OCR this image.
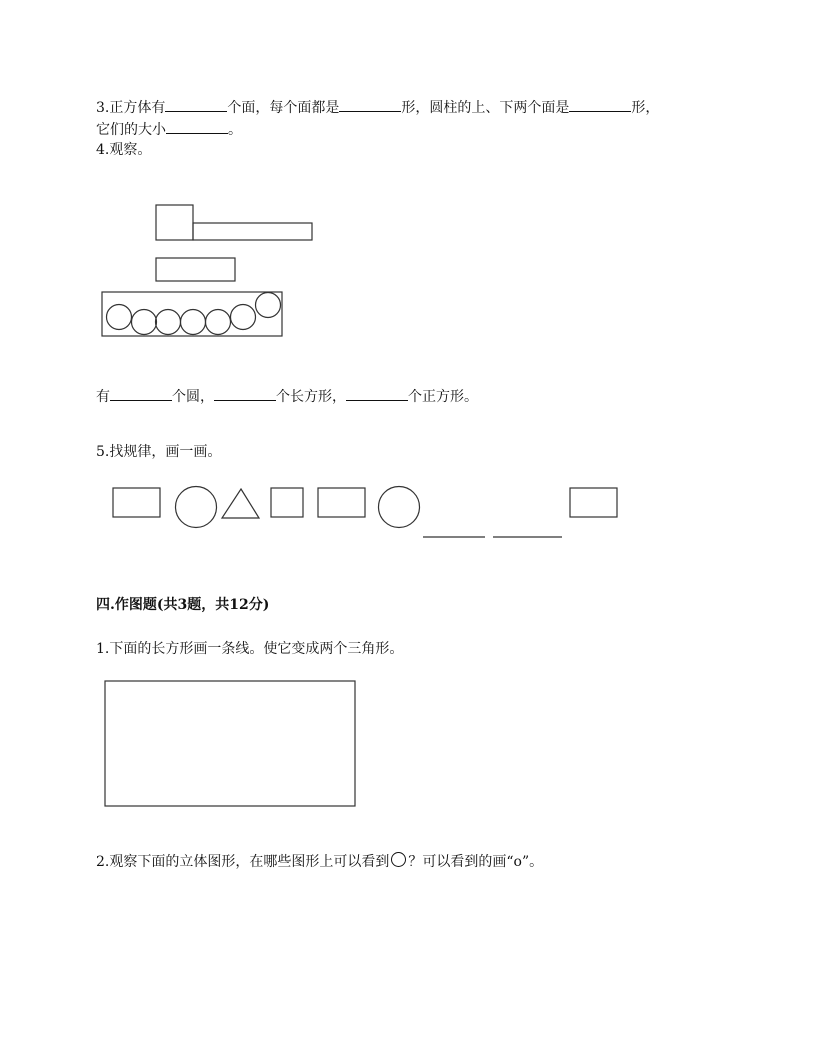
3.正方体有	个面，每个面都是	形，圆柱的上、下两个面是	形，
它们的大小	。
4.观察。
有	个圆，	个长方形，	个正方形。
5.找规律，画一画。
四.作图题(共3题，共12分)
1.下面的长方形画一条线。使它变成两个三角形。
2.观察下面的立体图形，在哪些图形上可以看到 ？可以看到的画“o”。
